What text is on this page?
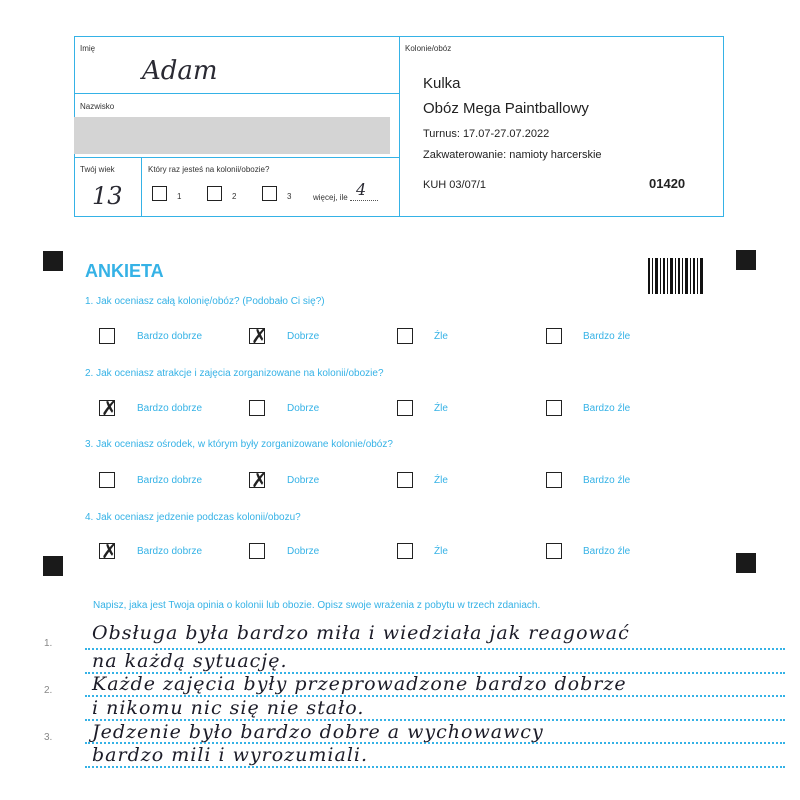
Imię
Adam
Nazwisko
Twój wiek
13
Który raz jesteś na kolonii/obozie?
1	2	3	więcej, ile 4
Kolonie/obóz
Kulka
Obóz Mega Paintballowy
Turnus: 17.07-27.07.2022
Zakwaterowanie: namioty harcerskie
KUH 03/07/1	01420
ANKIETA
1. Jak oceniasz całą kolonię/obóz? (Podobało Ci się?)
Bardzo dobrze ✗ Dobrze	Źle	Bardzo źle
2. Jak oceniasz atrakcje i zajęcia zorganizowane na kolonii/obozie?
✗ Bardzo dobrze	Dobrze	Źle	Bardzo źle
3. Jak oceniasz ośrodek, w którym były zorganizowane kolonie/obóz?
Bardzo dobrze ✗ Dobrze	Źle	Bardzo źle
4. Jak oceniasz jedzenie podczas kolonii/obozu?
✗ Bardzo dobrze	Dobrze	Źle	Bardzo źle
Napisz, jaka jest Twoja opinia o kolonii lub obozie. Opisz swoje wrażenia z pobytu w trzech zdaniach.
1.
2.
3.
Obsługa była bardzo miła i wiedziała jak reagować
na każdą sytuację.
Każde zajęcia były przeprowadzone bardzo dobrze
i nikomu nic się nie stało.
Jedzenie było bardzo dobre a wychowawcy
bardzo mili i wyrozumiali.
